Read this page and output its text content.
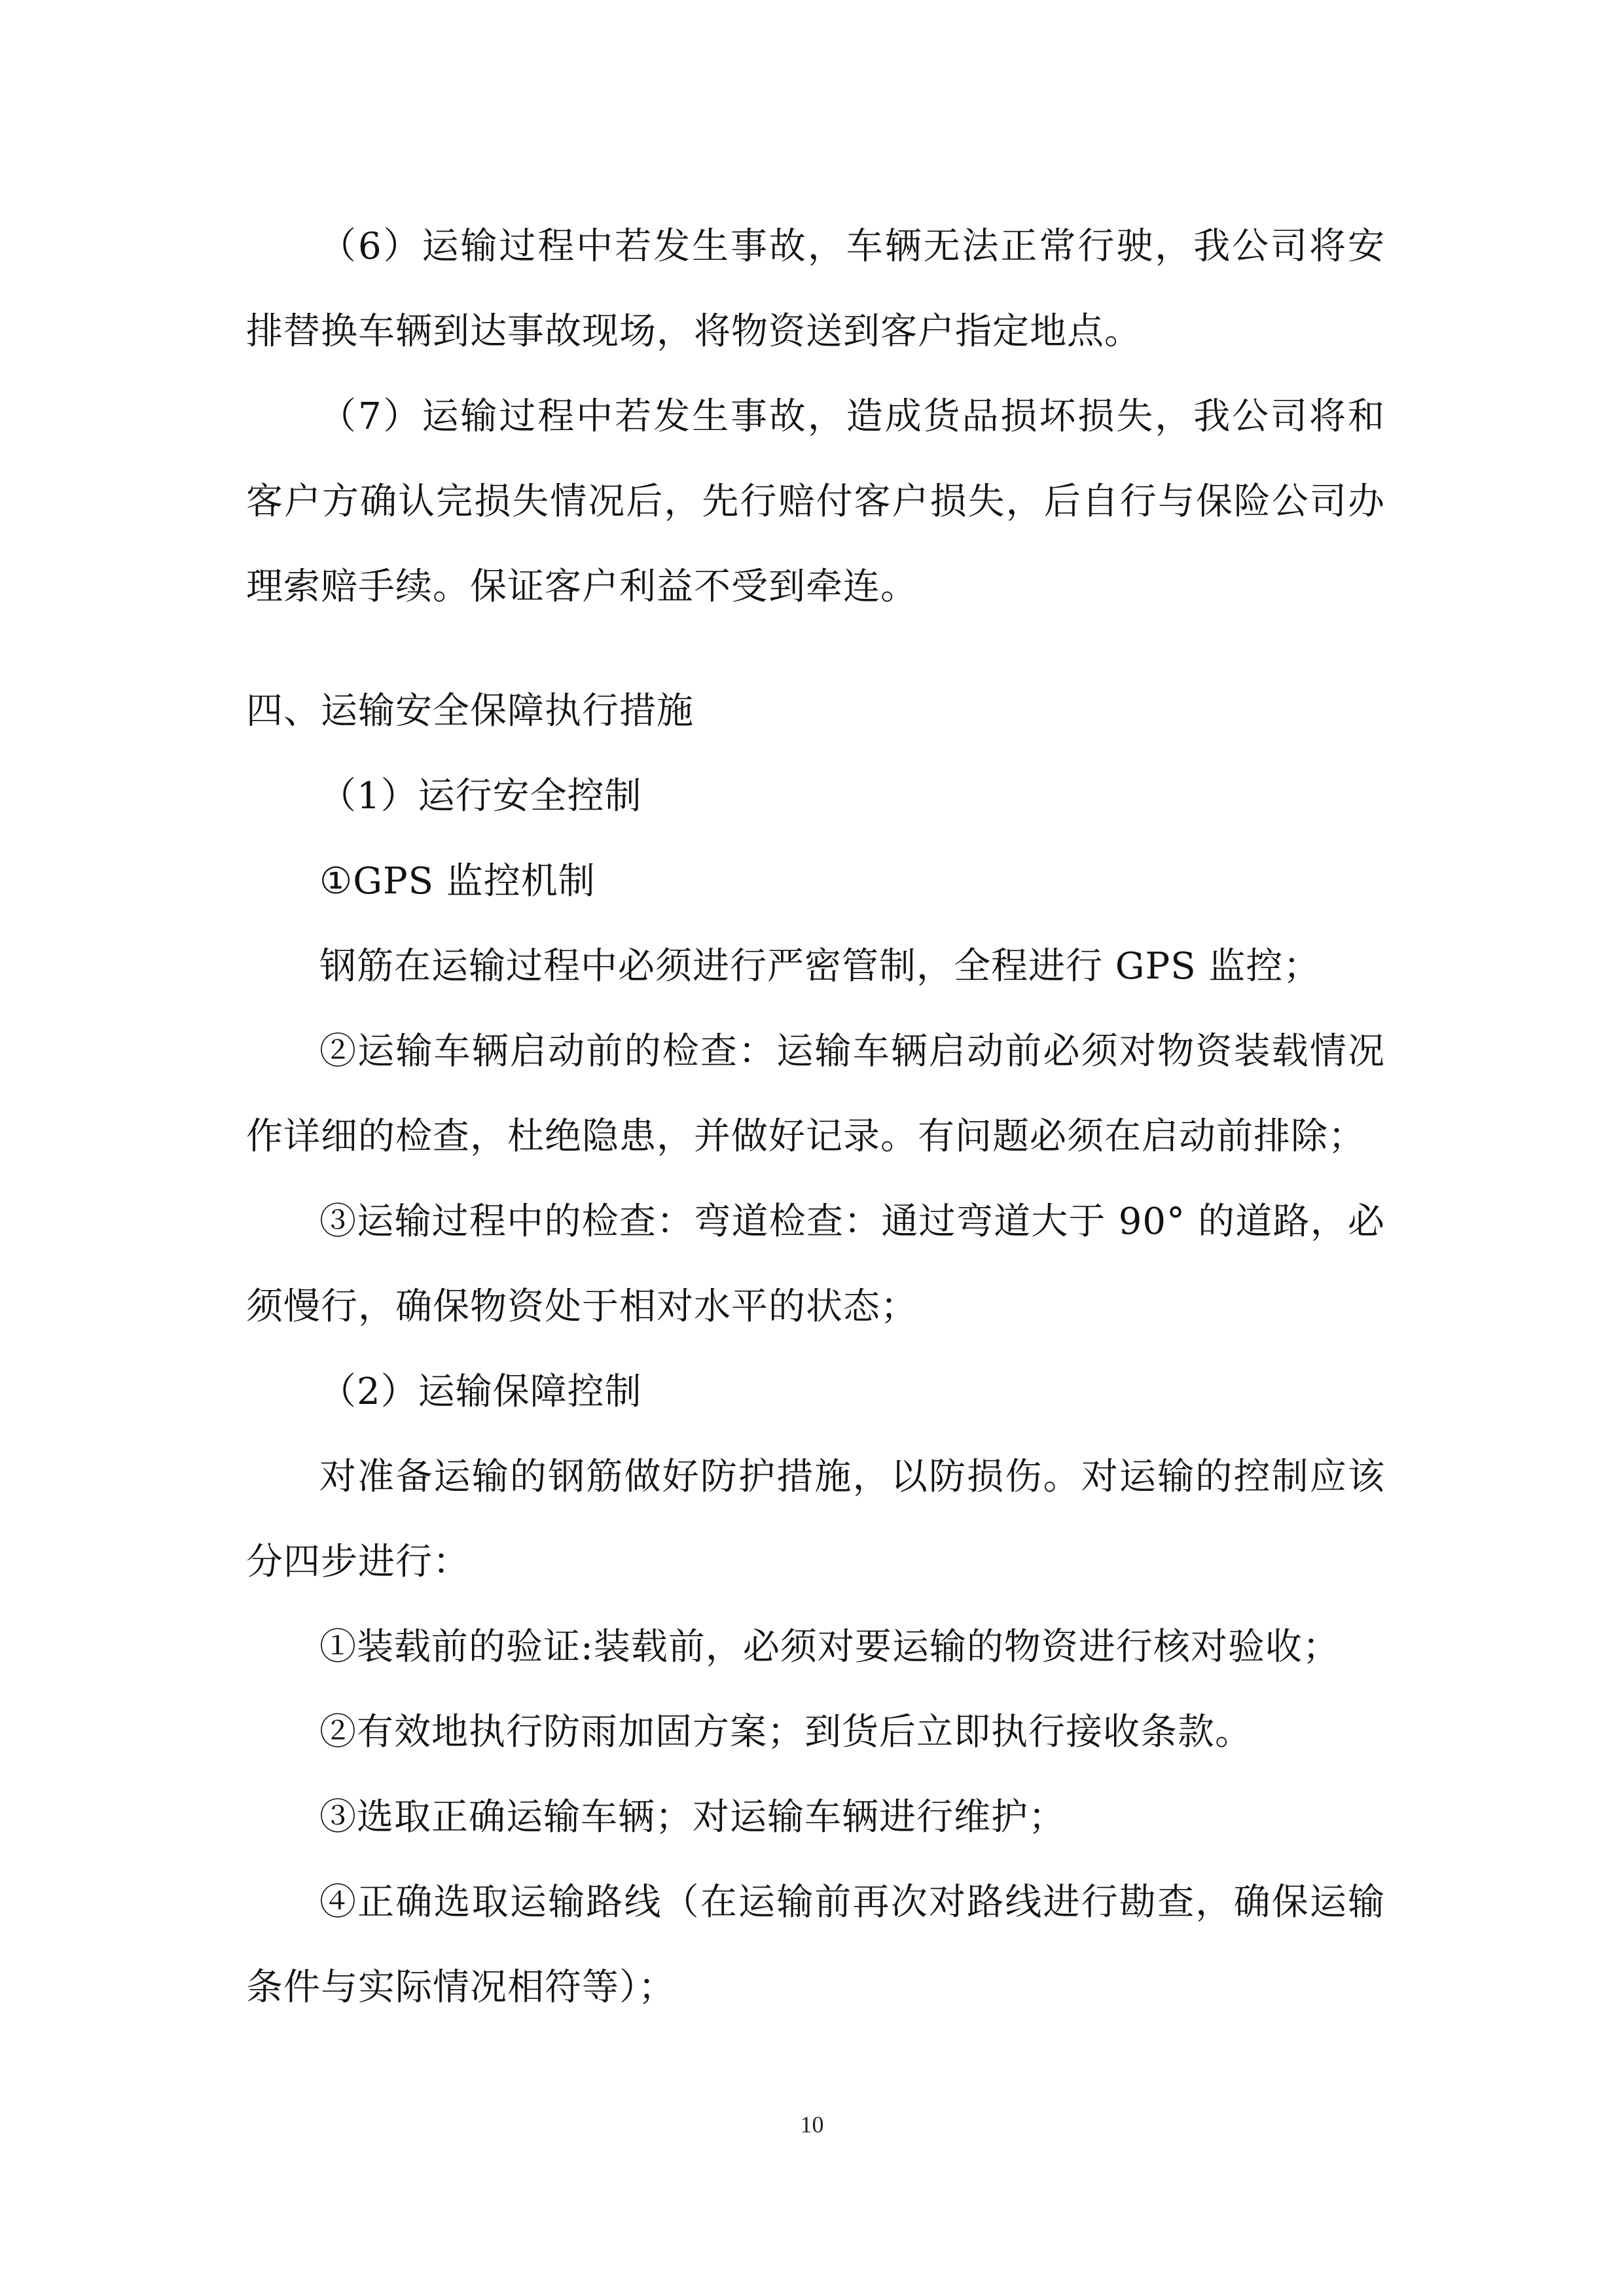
（6）运输过程中若发生事故，车辆无法正常行驶，我公司将安排替换车辆到达事故现场，将物资送到客户指定地点。

（7）运输过程中若发生事故，造成货品损坏损失，我公司将和客户方确认完损失情况后，先行赔付客户损失，后自行与保险公司办理索赔手续。保证客户利益不受到牵连。

四、运输安全保障执行措施

（1）运行安全控制

①GPS 监控机制

钢筋在运输过程中必须进行严密管制，全程进行 GPS 监控；

②运输车辆启动前的检查：运输车辆启动前必须对物资装载情况作详细的检查，杜绝隐患，并做好记录。有问题必须在启动前排除；

③运输过程中的检查：弯道检查：通过弯道大于 90° 的道路，必须慢行，确保物资处于相对水平的状态；

（2）运输保障控制

对准备运输的钢筋做好防护措施，以防损伤。对运输的控制应该分四步进行：

①装载前的验证:装载前，必须对要运输的物资进行核对验收；

②有效地执行防雨加固方案；到货后立即执行接收条款。

③选取正确运输车辆；对运输车辆进行维护；

④正确选取运输路线（在运输前再次对路线进行勘查，确保运输条件与实际情况相符等）；

10
